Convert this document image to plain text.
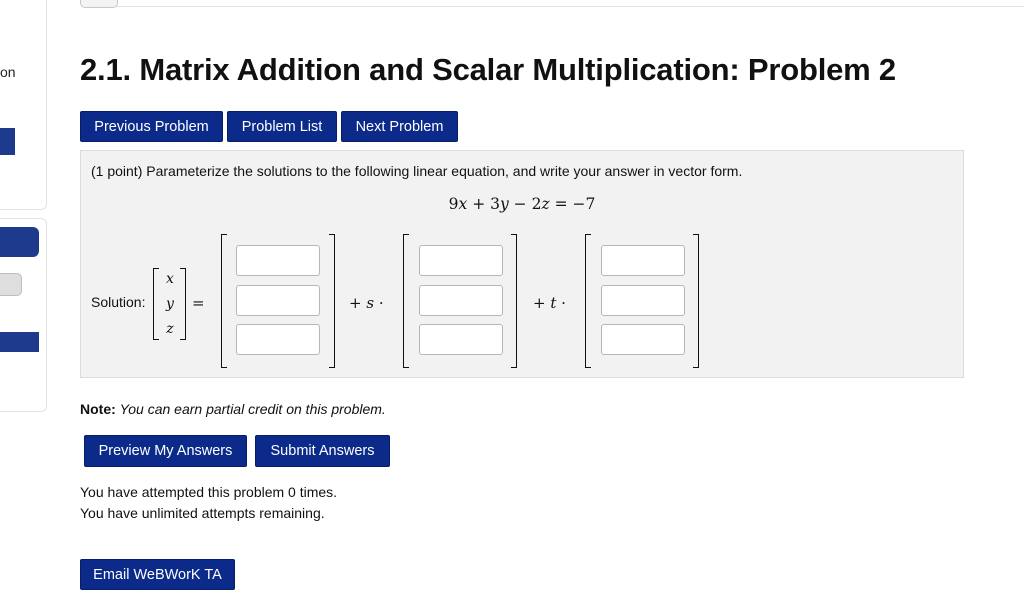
on 2.1. Matrix Addition and Scalar Multiplication: Problem 2
Previous Problem	Problem List	Next Problem
(1 point) Parameterize the solutions to the following linear equation, and write your answer in vector form.
9x + 3y − 2z = −7
Solution:
x
y
z
=	+ s ·	+ t ·
Note: You can earn partial credit on this problem.
Preview My Answers	Submit Answers
You have attempted this problem 0 times.
You have unlimited attempts remaining.
Email WeBWorK TA
